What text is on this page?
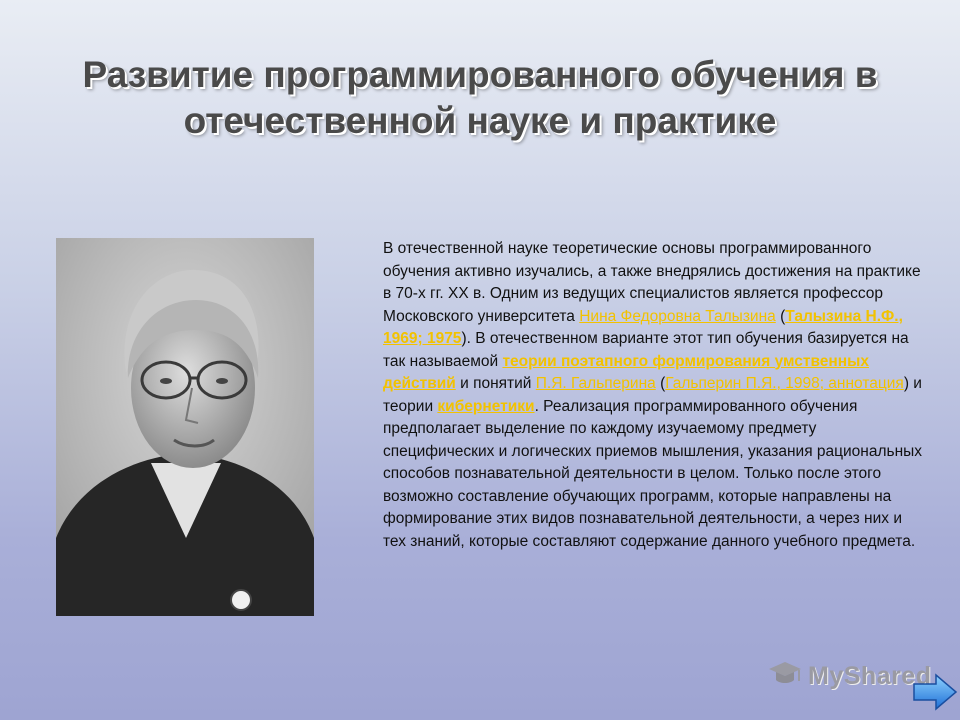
Развитие программированного обучения в отечественной науке и практике
В отечественной науке теоретические основы программированного обучения активно изучались, а также внедрялись достижения на практике в 70-х гг. ХХ в. Одним из ведущих специалистов является профессор Московского университета Нина Федоровна Талызина (Талызина Н.Ф., 1969; 1975). В отечественном варианте этот тип обучения базируется на так называемой теории поэтапного формирования умственных действий и понятий П.Я. Гальперина (Гальперин П.Я., 1998; аннотация) и теории кибернетики. Реализация программированного обучения предполагает выделение по каждому изучаемому предмету специфических и логических приемов мышления, указания рациональных способов познавательной деятельности в целом. Только после этого возможно составление обучающих программ, которые направлены на формирование этих видов познавательной деятельности, а через них и тех знаний, которые составляют содержание данного учебного предмета.
MyShared
